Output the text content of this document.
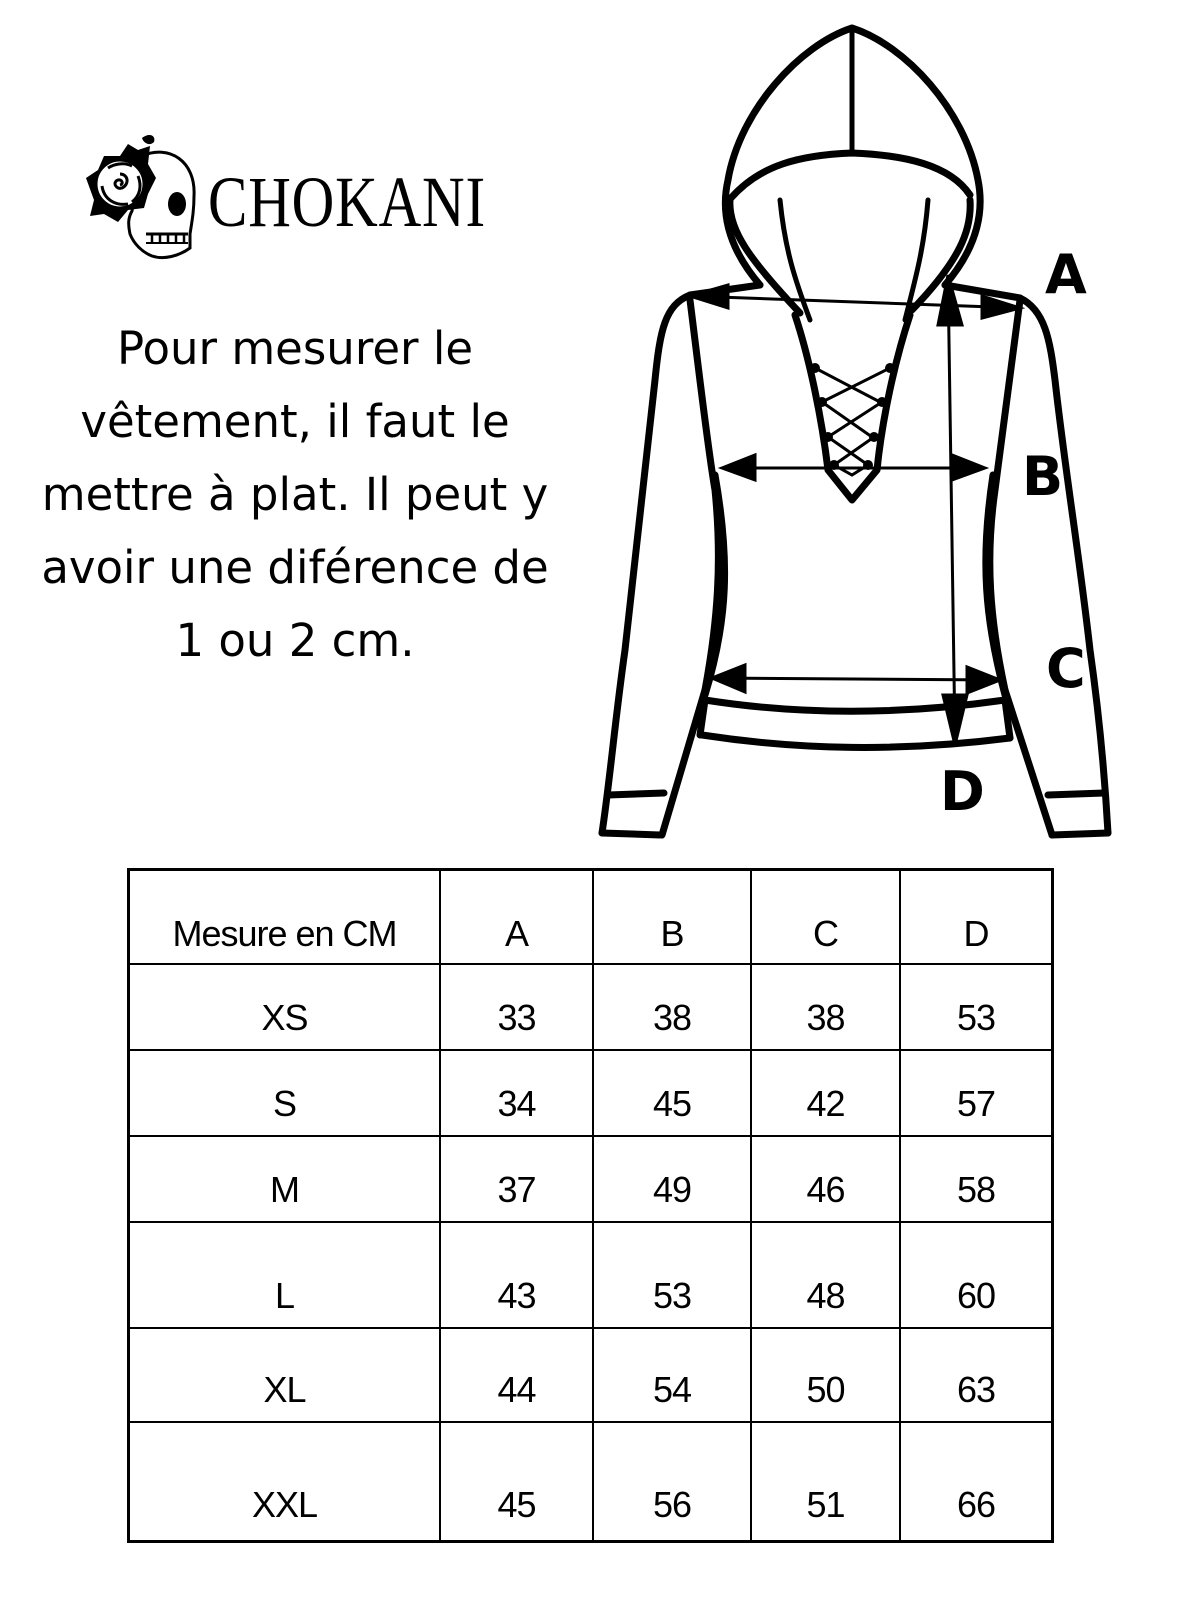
CHOKANI
Pour mesurer le
vêtement, il faut le
mettre à plat. Il peut y
avoir une diférence de
1 ou 2 cm.
A
B
C
D
Mesure en CM	A	B	C	D
XS	33	38	38	53
S	34	45	42	57
M	37	49	46	58
L	43	53	48	60
XL	44	54	50	63
XXL	45	56	51	66
